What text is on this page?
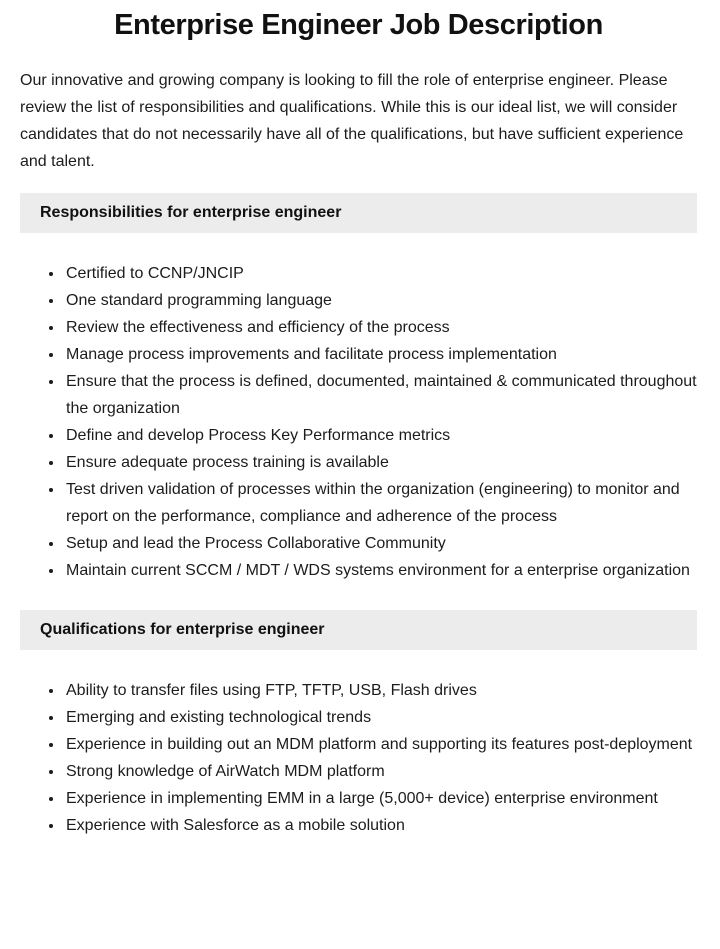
Enterprise Engineer Job Description

Our innovative and growing company is looking to fill the role of enterprise engineer. Please review the list of responsibilities and qualifications. While this is our ideal list, we will consider candidates that do not necessarily have all of the qualifications, but have sufficient experience and talent.

Responsibilities for enterprise engineer
• Certified to CCNP/JNCIP
• One standard programming language
• Review the effectiveness and efficiency of the process
• Manage process improvements and facilitate process implementation
• Ensure that the process is defined, documented, maintained & communicated throughout the organization
• Define and develop Process Key Performance metrics
• Ensure adequate process training is available
• Test driven validation of processes within the organization (engineering) to monitor and report on the performance, compliance and adherence of the process
• Setup and lead the Process Collaborative Community
• Maintain current SCCM / MDT / WDS systems environment for a enterprise organization
Qualifications for enterprise engineer
• Ability to transfer files using FTP, TFTP, USB, Flash drives
• Emerging and existing technological trends
• Experience in building out an MDM platform and supporting its features post-deployment
• Strong knowledge of AirWatch MDM platform
• Experience in implementing EMM in a large (5,000+ device) enterprise environment
• Experience with Salesforce as a mobile solution
